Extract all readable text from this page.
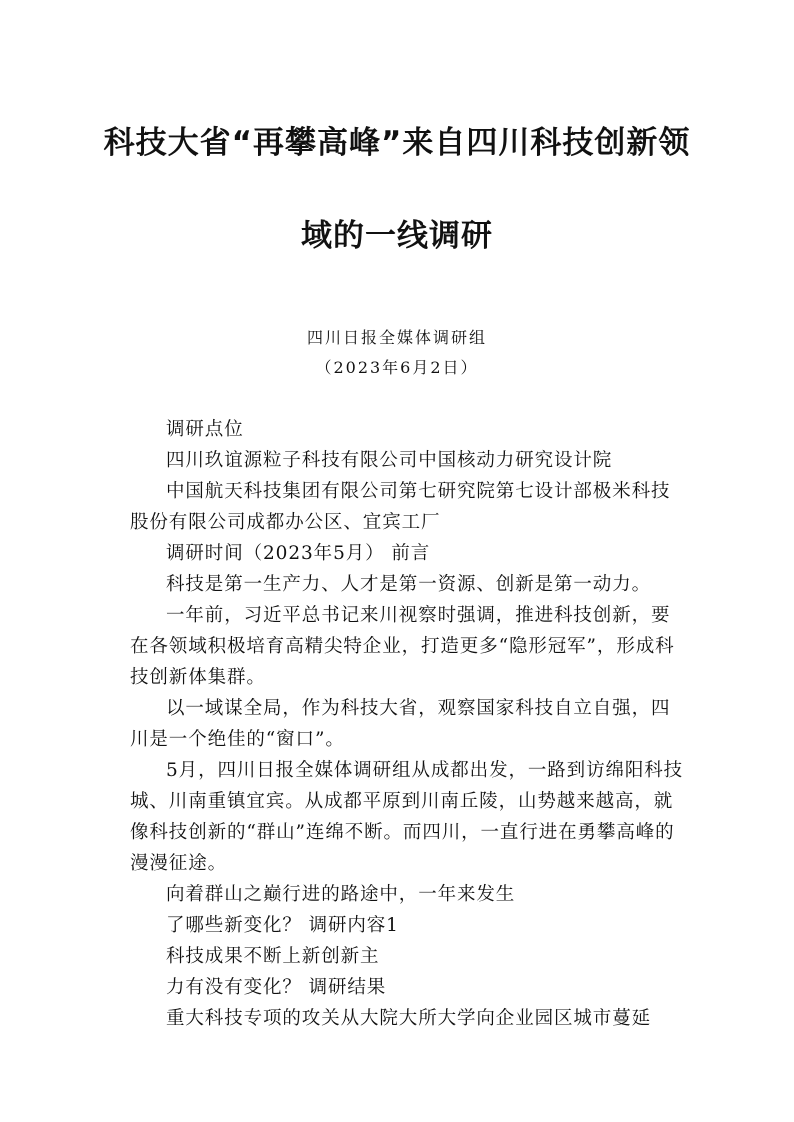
科技大省“再攀高峰”来自四川科技创新领
域的一线调研
四川日报全媒体调研组
（2023年6月2日）
调研点位
四川玖谊源粒子科技有限公司中国核动力研究设计院
中国航天科技集团有限公司第七研究院第七设计部极米科技
股份有限公司成都办公区、宜宾工厂
调研时间（2023年5月） 前言
科技是第一生产力、人才是第一资源、创新是第一动力。
一年前，习近平总书记来川视察时强调，推进科技创新，要
在各领域积极培育高精尖特企业，打造更多“隐形冠军”，形成科
技创新体集群。
以一域谋全局，作为科技大省，观察国家科技自立自强，四
川是一个绝佳的“窗口”。
5月，四川日报全媒体调研组从成都出发，一路到访绵阳科技
城、川南重镇宜宾。从成都平原到川南丘陵，山势越来越高，就
像科技创新的“群山”连绵不断。而四川，一直行进在勇攀高峰的
漫漫征途。
向着群山之巅行进的路途中，一年来发生
了哪些新变化？ 调研内容1
科技成果不断上新创新主
力有没有变化？ 调研结果
重大科技专项的攻关从大院大所大学向企业园区城市蔓延
